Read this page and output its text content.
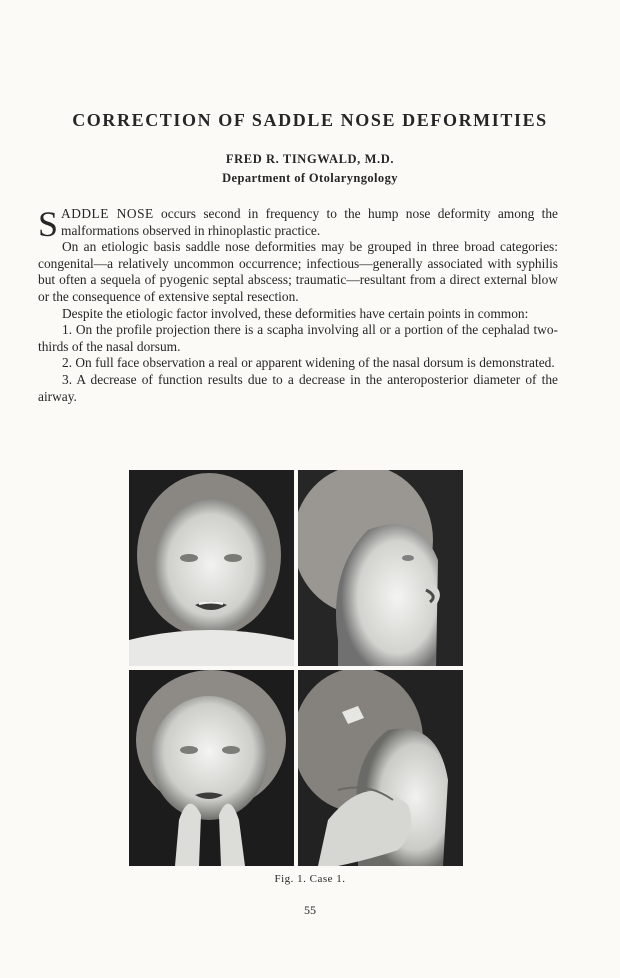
CORRECTION OF SADDLE NOSE DEFORMITIES
FRED R. TINGWALD, M.D.
Department of Otolaryngology

SADDLE NOSE occurs second in frequency to the hump nose deformity among the malformations observed in rhinoplastic practice.

On an etiologic basis saddle nose deformities may be grouped in three broad categories: congenital—a relatively uncommon occurrence; infectious—generally associated with syphilis but often a sequela of pyogenic septal abscess; traumatic—resultant from a direct external blow or the consequence of extensive septal resection.

Despite the etiologic factor involved, these deformities have certain points in common:

1. On the profile projection there is a scapha involving all or a portion of the cephalad two-thirds of the nasal dorsum.

2. On full face observation a real or apparent widening of the nasal dorsum is demonstrated.

3. A decrease of function results due to a decrease in the anteroposterior diameter of the airway.

Fig. 1. Case 1.
55
